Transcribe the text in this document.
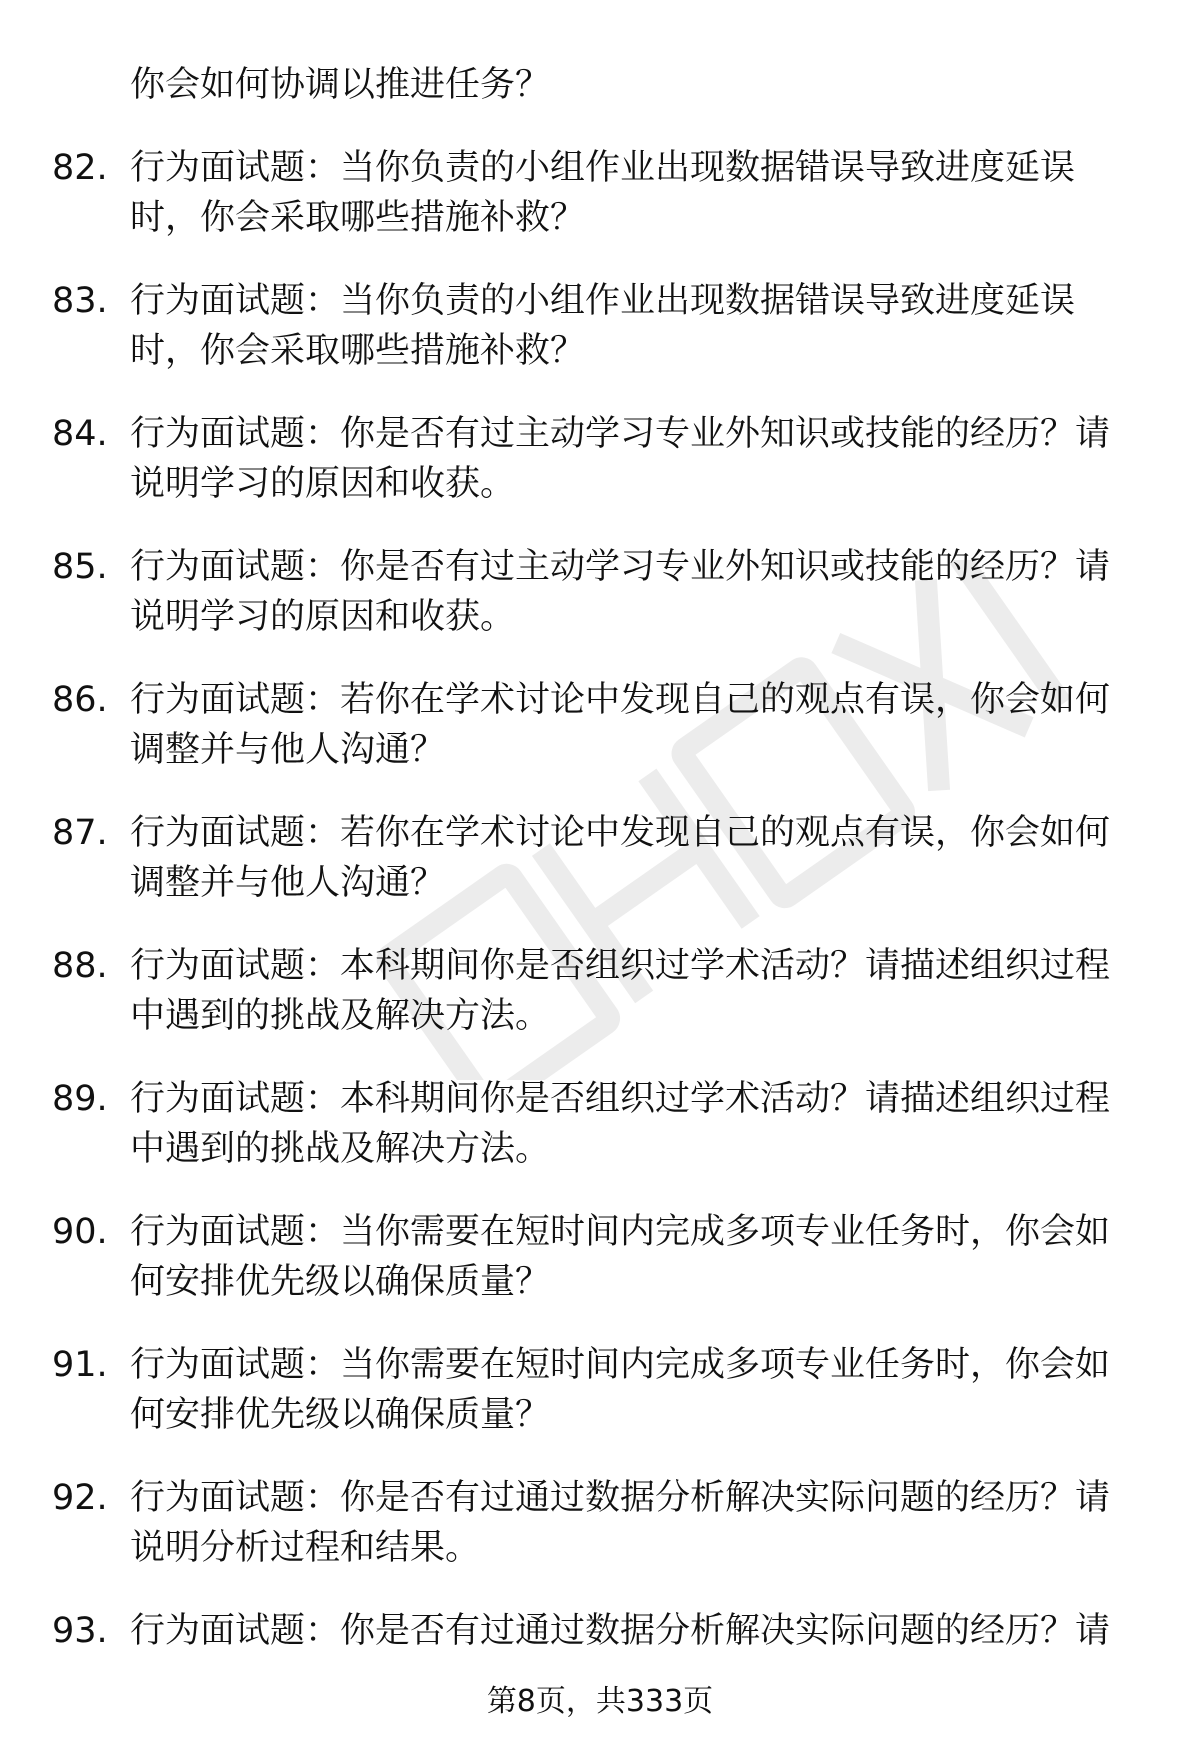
你会如何协调以推进任务？
82. 行为面试题：当你负责的小组作业出现数据错误导致进度延误
时，你会采取哪些措施补救？
83. 行为面试题：当你负责的小组作业出现数据错误导致进度延误
时，你会采取哪些措施补救？
84. 行为面试题：你是否有过主动学习专业外知识或技能的经历？请
说明学习的原因和收获。
85. 行为面试题：你是否有过主动学习专业外知识或技能的经历？请
说明学习的原因和收获。
86. 行为面试题：若你在学术讨论中发现自己的观点有误，你会如何
调整并与他人沟通？
87. 行为面试题：若你在学术讨论中发现自己的观点有误，你会如何
调整并与他人沟通？
88. 行为面试题：本科期间你是否组织过学术活动？请描述组织过程
中遇到的挑战及解决方法。
89. 行为面试题：本科期间你是否组织过学术活动？请描述组织过程
中遇到的挑战及解决方法。
90. 行为面试题：当你需要在短时间内完成多项专业任务时，你会如
何安排优先级以确保质量？
91. 行为面试题：当你需要在短时间内完成多项专业任务时，你会如
何安排优先级以确保质量？
92. 行为面试题：你是否有过通过数据分析解决实际问题的经历？请
说明分析过程和结果。
93. 行为面试题：你是否有过通过数据分析解决实际问题的经历？请
第8页，共333页
